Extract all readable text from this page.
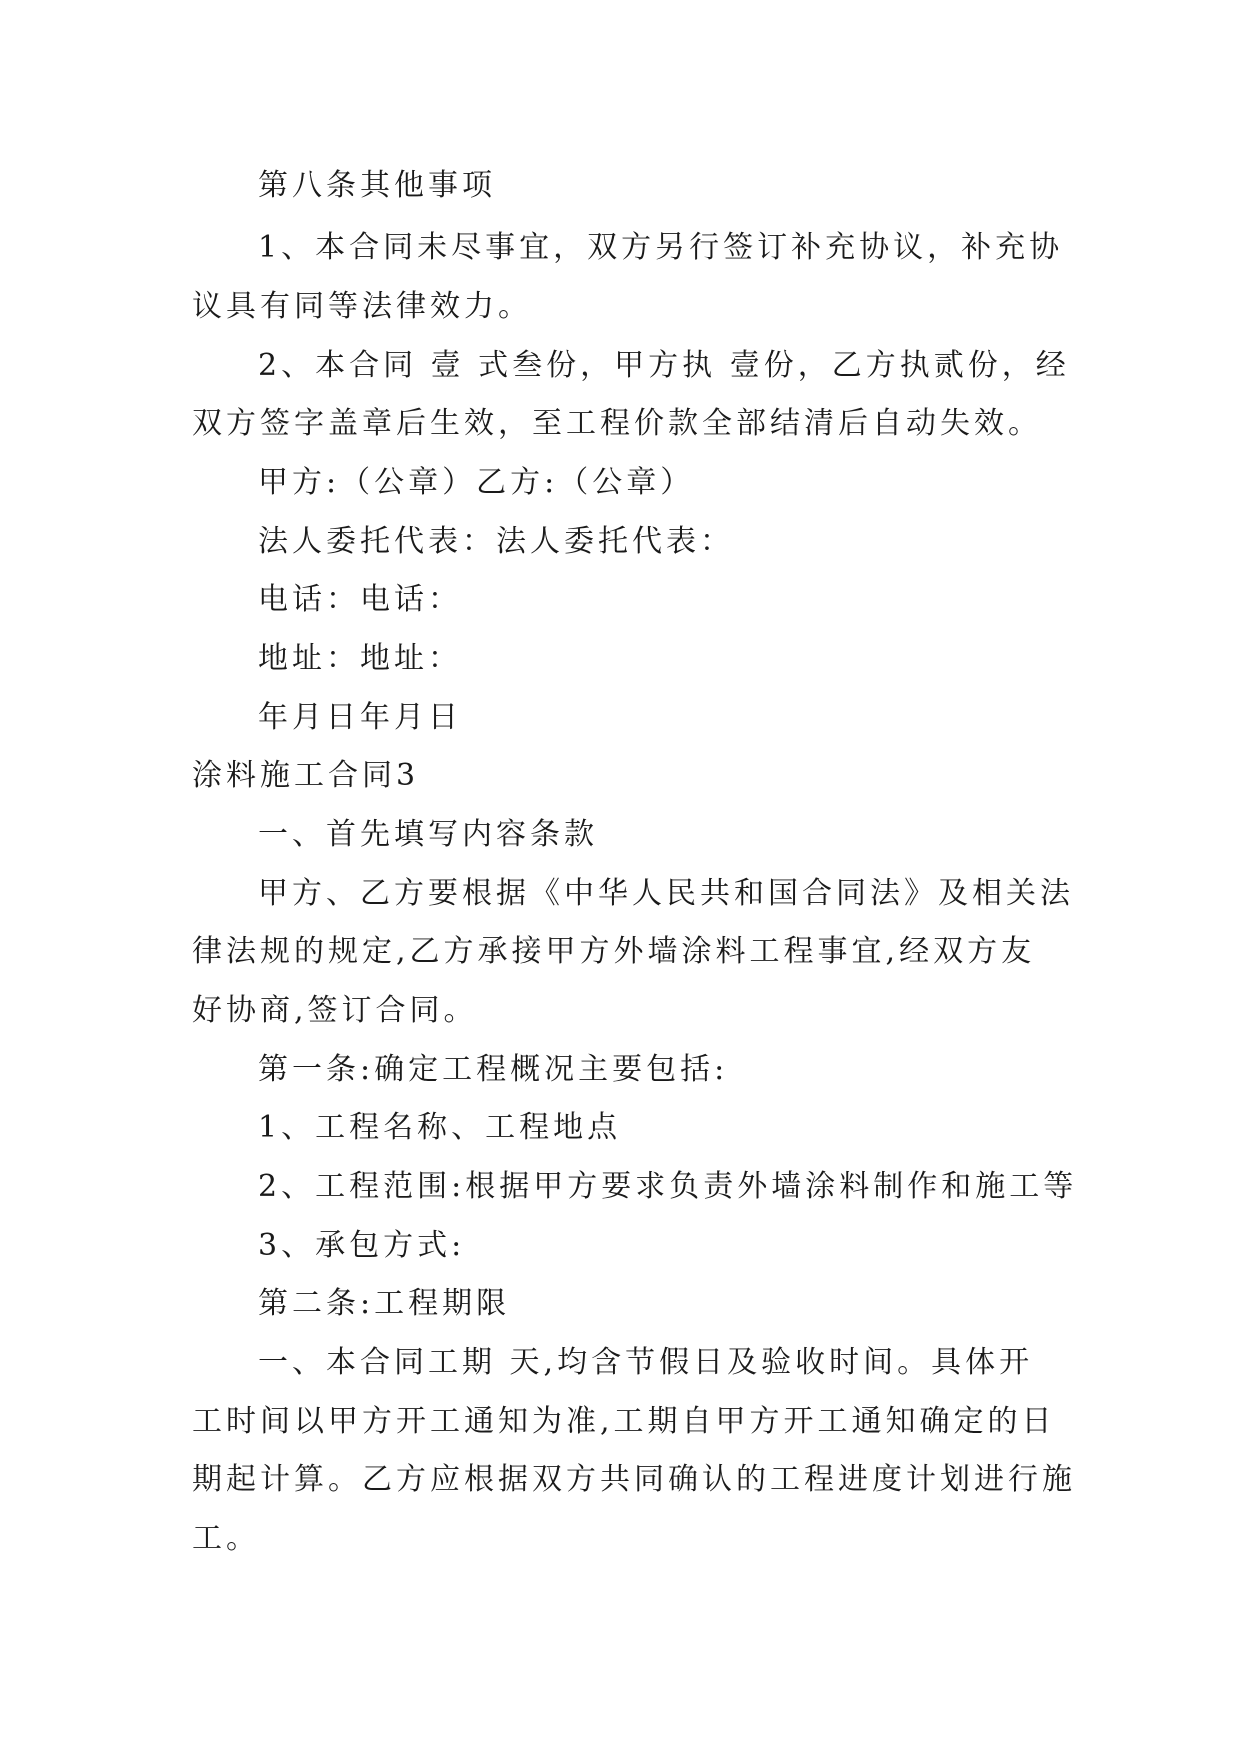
第八条其他事项
1、本合同未尽事宜，双方另行签订补充协议，补充协
议具有同等法律效力。
2、本合同 壹 式叁份，甲方执 壹份，乙方执贰份，经
双方签字盖章后生效，至工程价款全部结清后自动失效。
甲方:（公章）乙方:（公章）
法人委托代表：法人委托代表：
电话：电话：
地址：地址：
年月日年月日
涂料施工合同3
一、首先填写内容条款
甲方、乙方要根据《中华人民共和国合同法》及相关法
律法规的规定,乙方承接甲方外墙涂料工程事宜,经双方友
好协商,签订合同。
第一条:确定工程概况主要包括:
1、工程名称、工程地点
2、工程范围:根据甲方要求负责外墙涂料制作和施工等
3、承包方式:
第二条:工程期限
一、本合同工期 天,均含节假日及验收时间。具体开
工时间以甲方开工通知为准,工期自甲方开工通知确定的日
期起计算。乙方应根据双方共同确认的工程进度计划进行施
工。
